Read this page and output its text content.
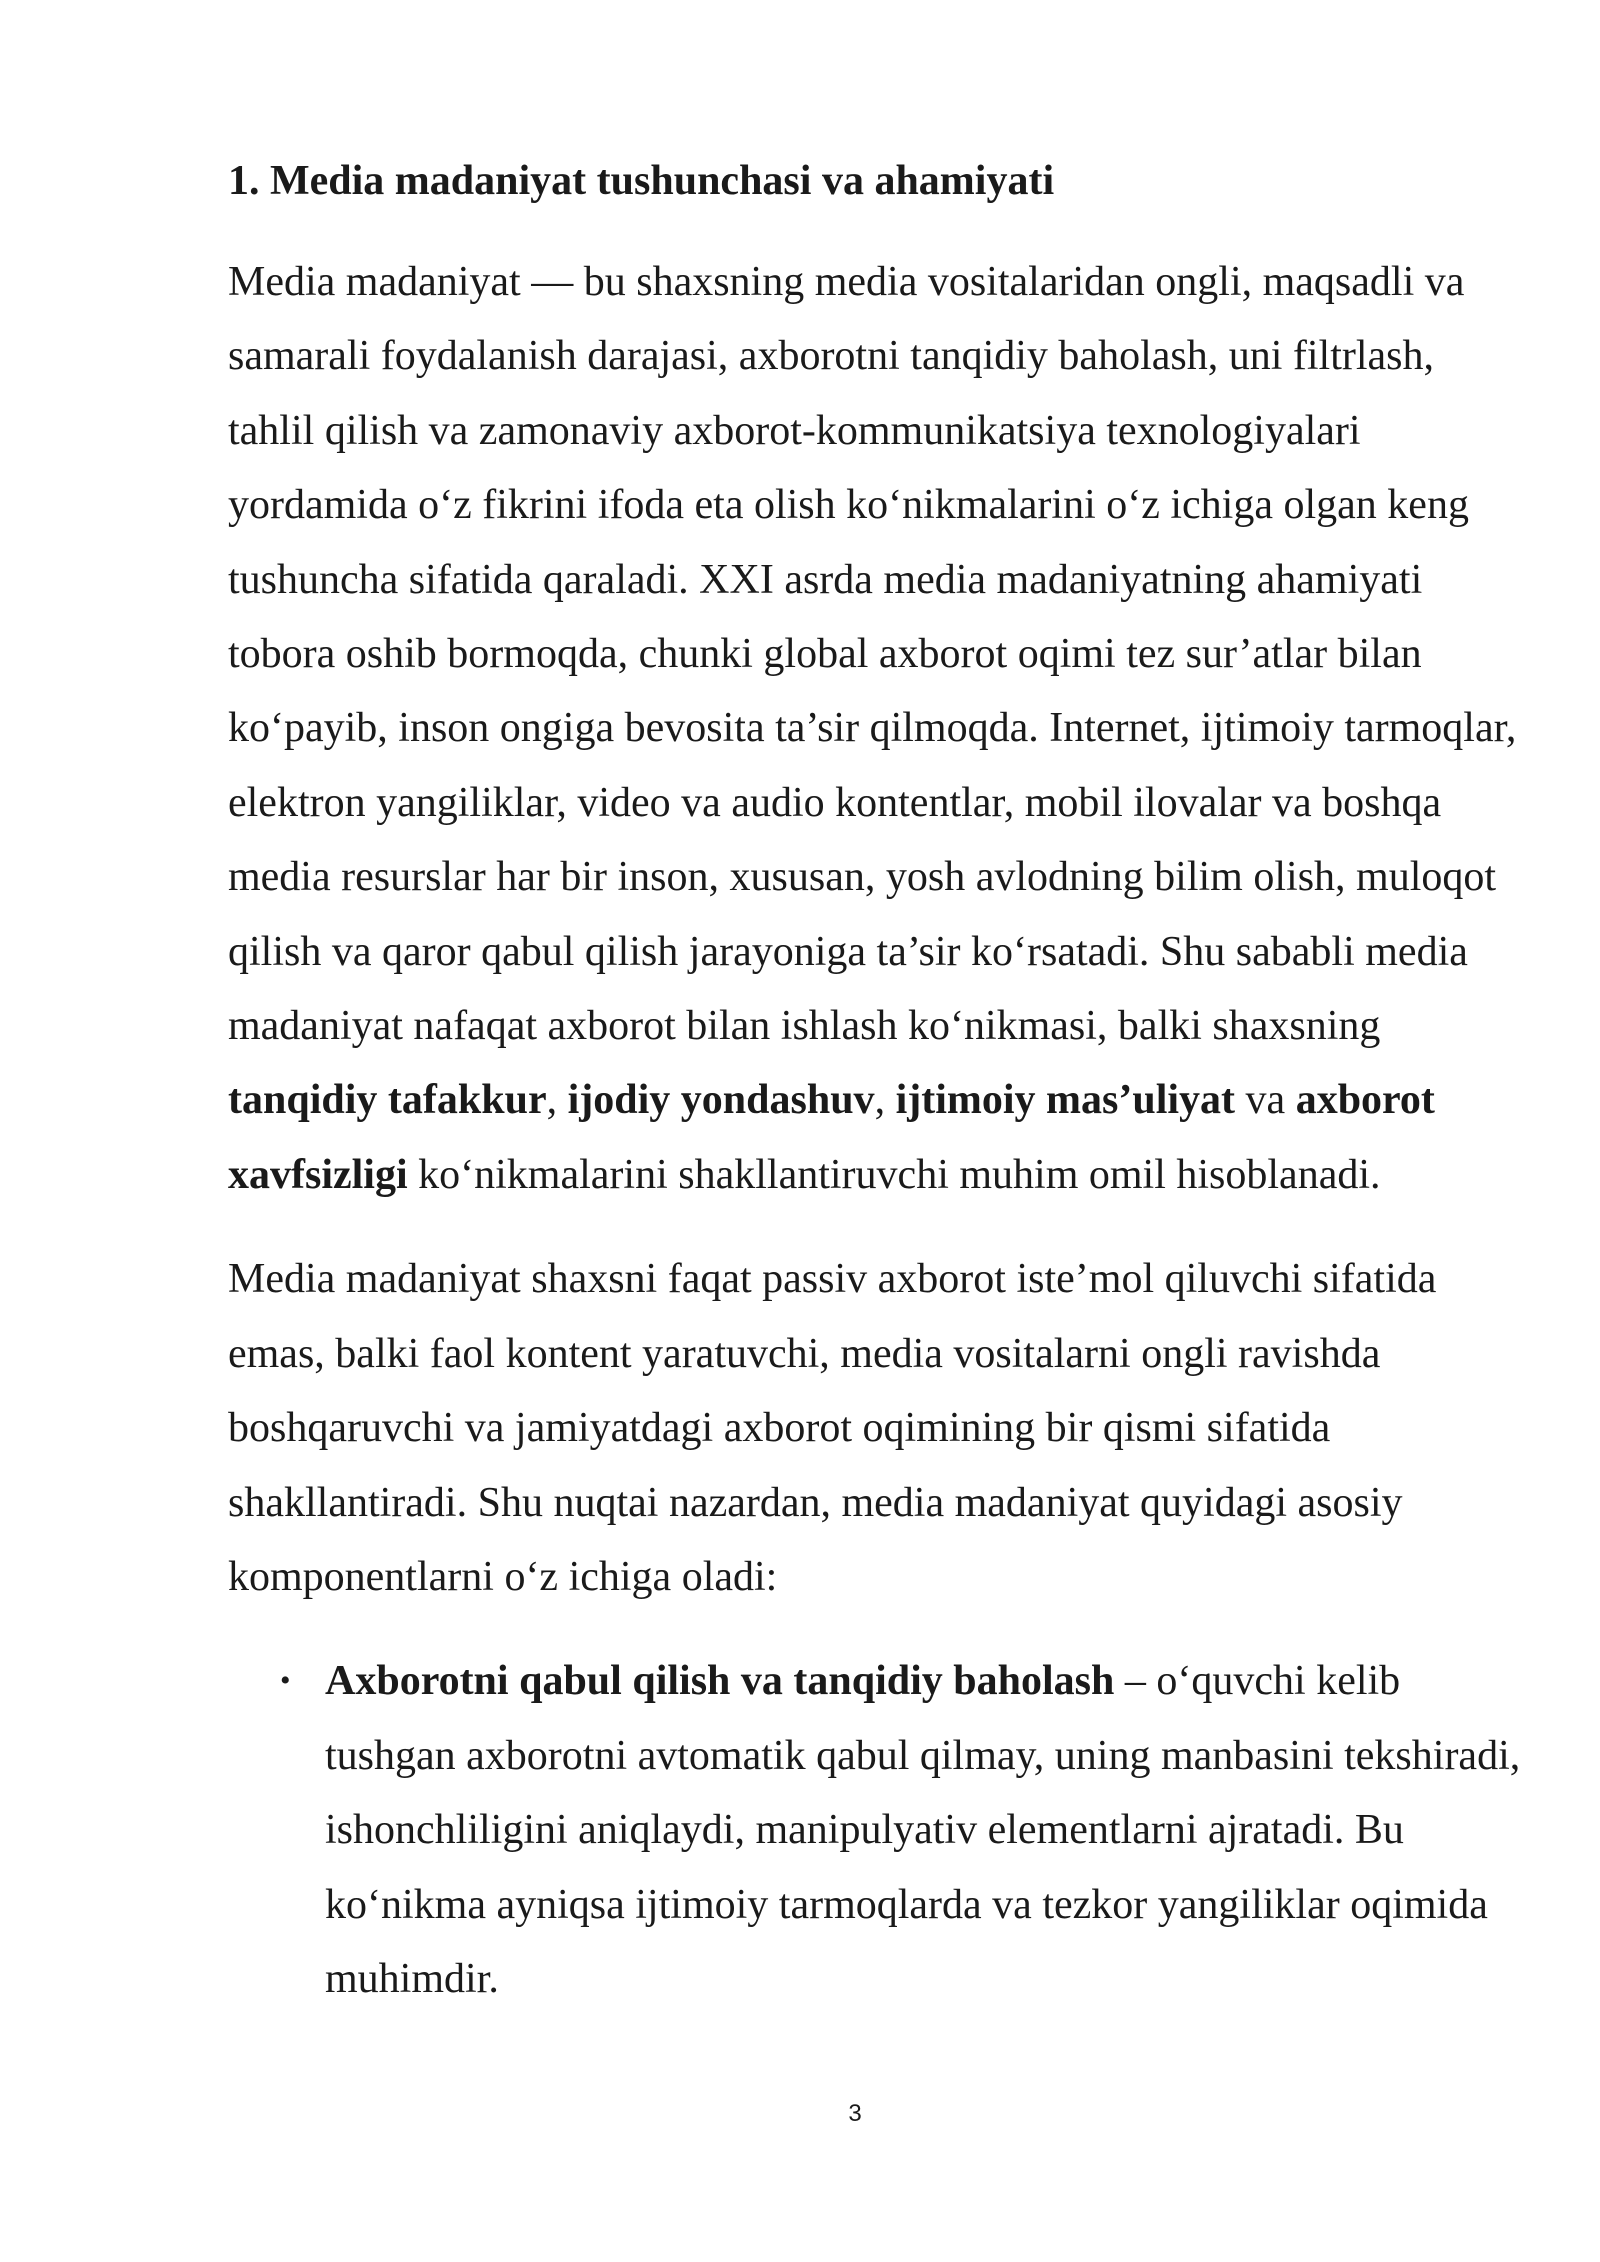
1. Media madaniyat tushunchasi va ahamiyati

Media madaniyat — bu shaxsning media vositalaridan ongli, maqsadli va samarali foydalanish darajasi, axborotni tanqidiy baholash, uni filtrlash, tahlil qilish va zamonaviy axborot-kommunikatsiya texnologiyalari yordamida o‘z fikrini ifoda eta olish ko‘nikmalarini o‘z ichiga olgan keng tushuncha sifatida qaraladi. XXI asrda media madaniyatning ahamiyati tobora oshib bormoqda, chunki global axborot oqimi tez sur’atlar bilan ko‘payib, inson ongiga bevosita ta’sir qilmoqda. Internet, ijtimoiy tarmoqlar, elektron yangiliklar, video va audio kontentlar, mobil ilovalar va boshqa media resurslar har bir inson, xususan, yosh avlodning bilim olish, muloqot qilish va qaror qabul qilish jarayoniga ta’sir ko‘rsatadi. Shu sababli media madaniyat nafaqat axborot bilan ishlash ko‘nikmasi, balki shaxsning tanqidiy tafakkur, ijodiy yondashuv, ijtimoiy mas’uliyat va axborot xavfsizligi ko‘nikmalarini shakllantiruvchi muhim omil hisoblanadi.

Media madaniyat shaxsni faqat passiv axborot iste’mol qiluvchi sifatida emas, balki faol kontent yaratuvchi, media vositalarni ongli ravishda boshqaruvchi va jamiyatdagi axborot oqimining bir qismi sifatida shakllantiradi. Shu nuqtai nazardan, media madaniyat quyidagi asosiy komponentlarni o‘z ichiga oladi:

• Axborotni qabul qilish va tanqidiy baholash – o‘quvchi kelib tushgan axborotni avtomatik qabul qilmay, uning manbasini tekshiradi, ishonchliligini aniqlaydi, manipulyativ elementlarni ajratadi. Bu ko‘nikma ayniqsa ijtimoiy tarmoqlarda va tezkor yangiliklar oqimida muhimdir.
3
